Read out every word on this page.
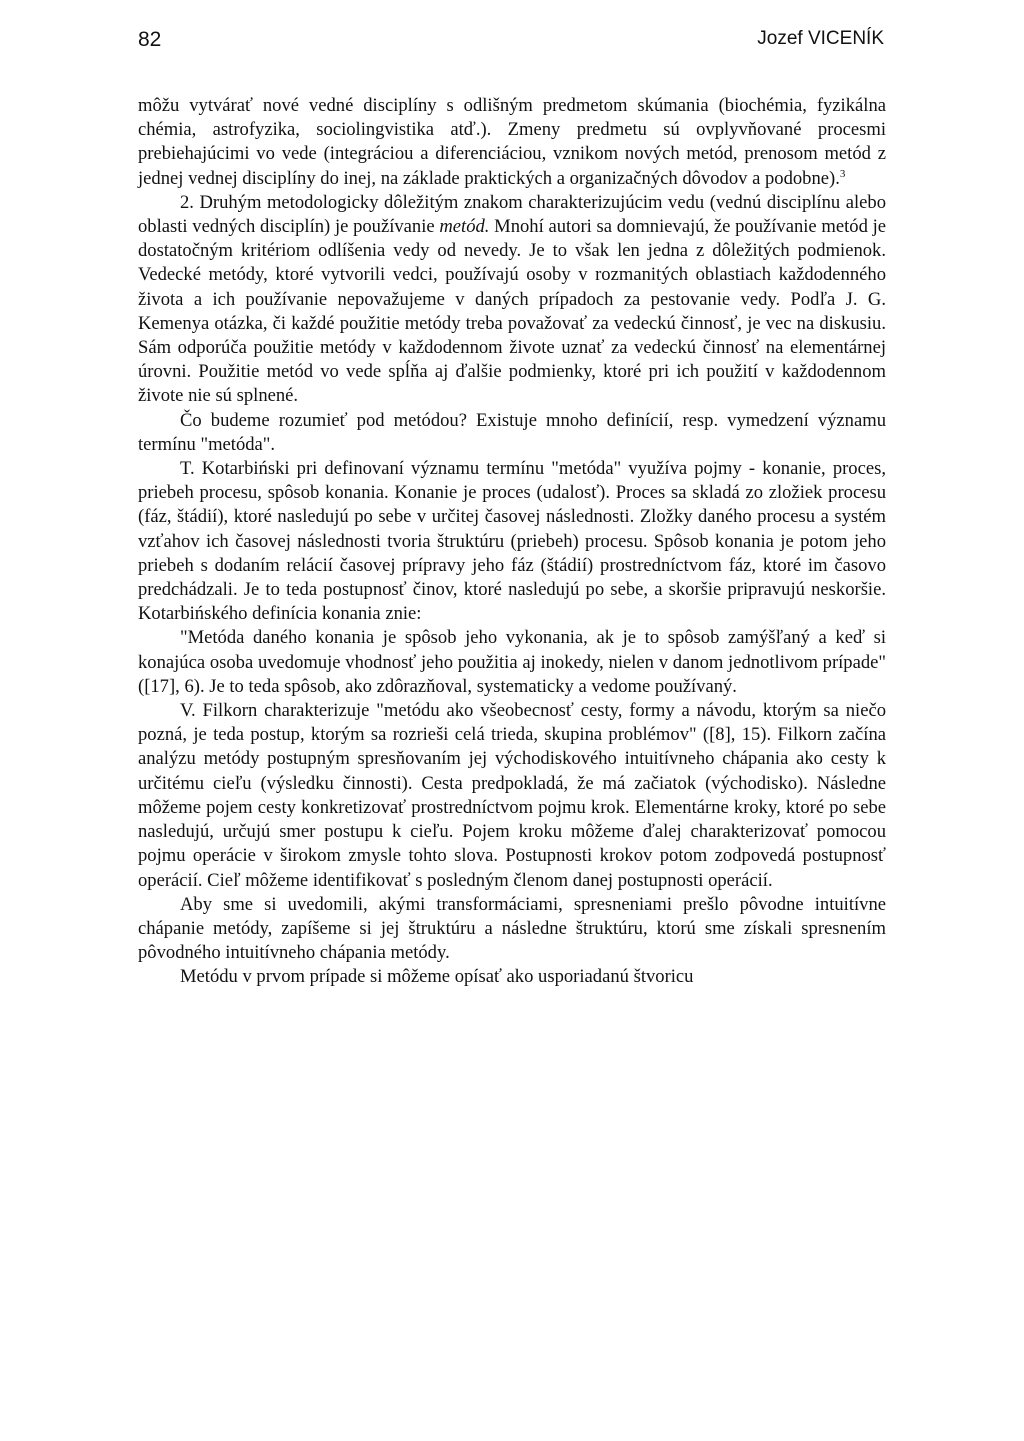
82	Jozef VICENÍK

môžu vytvárať nové vedné disciplíny s odlišným predmetom skúmania (biochémia, fyzikálna chémia, astrofyzika, sociolingvistika atď.). Zmeny predmetu sú ovplyvňované procesmi prebiehajúcimi vo vede (integráciou a diferenciáciou, vznikom nových metód, prenosom metód z jednej vednej disciplíny do inej, na základe praktických a organizačných dôvodov a podobne).$^3$

2. Druhým metodologicky dôležitým znakom charakterizujúcim vedu (vednú disciplínu alebo oblasti vedných disciplín) je používanie metód. Mnohí autori sa domnievajú, že používanie metód je dostatočným kritériom odlíšenia vedy od nevedy. Je to však len jedna z dôležitých podmienok. Vedecké metódy, ktoré vytvorili vedci, používajú osoby v rozmanitých oblastiach každodenného života a ich používanie nepovažujeme v daných prípadoch za pestovanie vedy. Podľa J. G. Kemenya otázka, či každé použitie metódy treba považovať za vedeckú činnosť, je vec na diskusiu. Sám odporúča použitie metódy v každodennom živote uznať za vedeckú činnosť na elementárnej úrovni. Použitie metód vo vede spĺňa aj ďalšie podmienky, ktoré pri ich použití v každodennom živote nie sú splnené.

Čo budeme rozumieť pod metódou? Existuje mnoho definícií, resp. vymedzení významu termínu "metóda".

T. Kotarbiński pri definovaní významu termínu "metóda" využíva pojmy - konanie, proces, priebeh procesu, spôsob konania. Konanie je proces (udalosť). Proces sa skladá zo zložiek procesu (fáz, štádií), ktoré nasledujú po sebe v určitej časovej následnosti. Zložky daného procesu a systém vzťahov ich časovej následnosti tvoria štruktúru (priebeh) procesu. Spôsob konania je potom jeho priebeh s dodaním relácií časovej prípravy jeho fáz (štádií) prostredníctvom fáz, ktoré im časovo predchádzali. Je to teda postupnosť činov, ktoré nasledujú po sebe, a skoršie pripravujú neskoršie. Kotarbińského definícia konania znie:

"Metóda daného konania je spôsob jeho vykonania, ak je to spôsob zamýšľaný a keď si konajúca osoba uvedomuje vhodnosť jeho použitia aj inokedy, nielen v danom jednotlivom prípade" ([17], 6). Je to teda spôsob, ako zdôrazňoval, systematicky a vedome používaný.

V. Filkorn charakterizuje "metódu ako všeobecnosť cesty, formy a návodu, ktorým sa niečo pozná, je teda postup, ktorým sa rozrieši celá trieda, skupina problémov" ([8], 15). Filkorn začína analýzu metódy postupným spresňovaním jej východiskového intuitívneho chápania ako cesty k určitému cieľu (výsledku činnosti). Cesta predpokladá, že má začiatok (východisko). Následne môžeme pojem cesty konkretizovať prostredníctvom pojmu krok. Elementárne kroky, ktoré po sebe nasledujú, určujú smer postupu k cieľu. Pojem kroku môžeme ďalej charakterizovať pomocou pojmu operácie v širokom zmysle tohto slova. Postupnosti krokov potom zodpovedá postupnosť operácií. Cieľ môžeme identifikovať s posledným členom danej postupnosti operácií.

Aby sme si uvedomili, akými transformáciami, spresneniami prešlo pôvodne intuitívne chápanie metódy, zapíšeme si jej štruktúru a následne štruktúru, ktorú sme získali spresnením pôvodného intuitívneho chápania metódy.

Metódu v prvom prípade si môžeme opísať ako usporiadanú štvoricu
